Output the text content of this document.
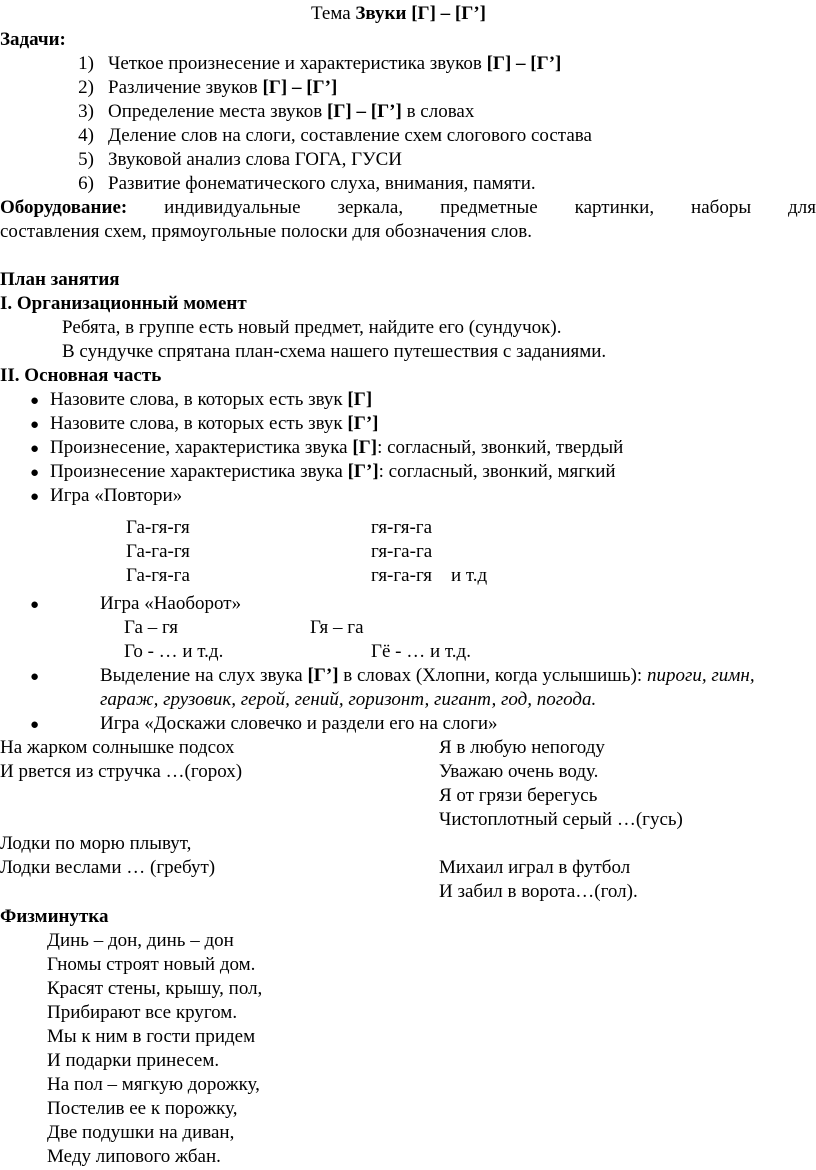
Тема Звуки [Г] – [Г’]
Задачи:
1) Четкое произнесение и характеристика звуков [Г] – [Г’]
2) Различение звуков [Г] – [Г’]
3) Определение места звуков [Г] – [Г’] в словах
4) Деление слов на слоги, составление схем слогового состава
5) Звуковой анализ слова ГОГА, ГУСИ
6) Развитие фонематического слуха, внимания, памяти.
Оборудование: индивидуальные зеркала, предметные картинки, наборы для
составления схем, прямоугольные полоски для обозначения слов.
План занятия
I. Организационный момент
Ребята, в группе есть новый предмет, найдите его (сундучок).
В сундучке спрятана план-схема нашего путешествия с заданиями.
II. Основная часть
● Назовите слова, в которых есть звук [Г]
● Назовите слова, в которых есть звук [Г’]
● Произнесение, характеристика звука [Г]: согласный, звонкий, твердый
● Произнесение характеристика звука [Г’]: согласный, звонкий, мягкий
● Игра «Повтори»
Га-гя-гя	гя-гя-га
Га-га-гя	гя-га-га
Га-гя-га	гя-га-гя    и т.д
●	Игра «Наоборот»
Га – гя	Гя – га
Го - … и т.д.	Гё - … и т.д.
●	Выделение на слух звука [Г’] в словах (Хлопни, когда услышишь): пироги, гимн,
гараж, грузовик, герой, гений, горизонт, гигант, год, погода.
●	Игра «Доскажи словечко и раздели его на слоги»
На жарком солнышке подсох
И рвется из стручка …(горох)
Лодки по морю плывут,
Лодки веслами … (гребут)
Я в любую непогоду
Уважаю очень воду.
Я от грязи берегусь
Чистоплотный серый …(гусь)
Михаил играл в футбол
И забил в ворота…(гол).
Физминутка
Динь – дон, динь – дон
Гномы строят новый дом.
Красят стены, крышу, пол,
Прибирают все кругом.
Мы к ним в гости придем
И подарки принесем.
На пол – мягкую дорожку,
Постелив ее к порожку,
Две подушки на диван,
Меду липового жбан.
